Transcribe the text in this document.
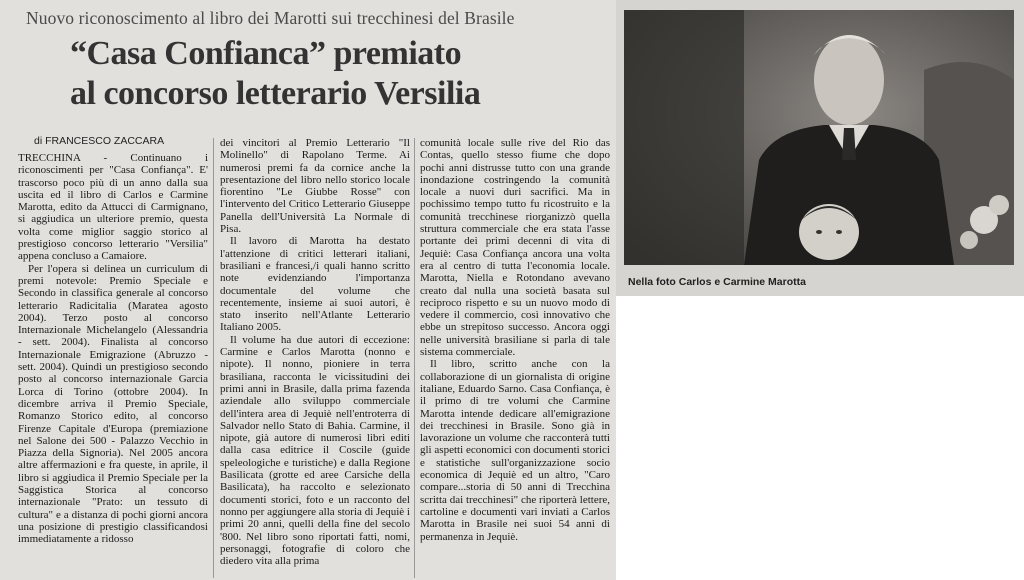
Nuovo riconoscimento al libro dei Marotti sui trecchinesi del Brasile
“Casa Confianca” premiato
al concorso letterario Versilia
di FRANCESCO ZACCARA

TRECCHINA - Continuano i riconoscimenti per "Casa Confiança". E' trascorso poco più di un anno dalla sua uscita ed il libro di Carlos e Carmine Marotta, edito da Attucci di Carmignano, si aggiudica un ulteriore premio, questa volta come miglior saggio storico al prestigioso concorso letterario "Versilia" appena concluso a Camaiore.

Per l'opera si delinea un curriculum di premi notevole: Premio Speciale e Secondo in classifica generale al concorso letterario Radicitalia (Maratea agosto 2004). Terzo posto al concorso Internazionale Michelangelo (Alessandria - sett. 2004). Finalista al concorso Internazionale Emigrazione (Abruzzo - sett. 2004). Quindi un prestigioso secondo posto al concorso internazionale Garcia Lorca di Torino (ottobre 2004). In dicembre arriva il Premio Speciale, Romanzo Storico edito, al concorso Firenze Capitale d'Europa (premiazione nel Salone dei 500 - Palazzo Vecchio in Piazza della Signoria). Nel 2005 ancora altre affermazioni e fra queste, in aprile, il libro si aggiudica il Premio Speciale per la Saggistica Storica al concorso internazionale "Prato: un tessuto di cultura" e a distanza di pochi giorni ancora una posizione di prestigio classificandosi immediatamente a ridosso

dei vincitori al Premio Letterario "Il Molinello" di Rapolano Terme. Ai numerosi premi fa da cornice anche la presentazione del libro nello storico locale fiorentino "Le Giubbe Rosse" con l'intervento del Critico Letterario Giuseppe Panella dell'Università La Normale di Pisa.

Il lavoro di Marotta ha destato l'attenzione di critici letterari italiani, brasiliani e francesi,/i quali hanno scritto note evidenziando l'importanza documentale del volume che recentemente, insieme ai suoi autori, è stato inserito nell'Atlante Letterario Italiano 2005.

Il volume ha due autori di eccezione: Carmine e Carlos Marotta (nonno e nipote). Il nonno, pioniere in terra brasiliana, racconta le vicissitudini dei primi anni in Brasile, dalla prima fazenda aziendale allo sviluppo commerciale dell'intera area di Jequiè nell'entroterra di Salvador nello Stato di Bahia. Carmine, il nipote, già autore di numerosi libri editi dalla casa editrice il Coscile (guide speleologiche e turistiche) e dalla Regione Basilicata (grotte ed aree Carsiche della Basilicata), ha raccolto e selezionato documenti storici, foto e un racconto del nonno per aggiungere alla storia di Jequiè i primi 20 anni, quelli della fine del secolo '800. Nel libro sono riportati fatti, nomi, personaggi, fotografie di coloro che diedero vita alla prima

comunità locale sulle rive del Rio das Contas, quello stesso fiume che dopo pochi anni distrusse tutto con una grande inondazione costringendo la comunità locale a nuovi duri sacrifici. Ma in pochissimo tempo tutto fu ricostruito e la comunità trecchinese riorganizzò quella struttura commerciale che era stata l'asse portante dei primi decenni di vita di Jequiè: Casa Confiança ancora una volta era al centro di tutta l'economia locale. Marotta, Niella e Rotondano avevano creato dal nulla una società basata sul reciproco rispetto e su un nuovo modo di vedere il commercio, così innovativo che ebbe un strepitoso successo. Ancora oggi nelle università brasiliane si parla di tale sistema commerciale.

Il libro, scritto anche con la collaborazione di un giornalista di origine italiane, Eduardo Sarno. Casa Confiança, è il primo di tre volumi che Carmine Marotta intende dedicare all'emigrazione dei trecchinesi in Brasile. Sono già in lavorazione un volume che racconterà tutti gli aspetti economici con documenti storici e statistiche sull'organizzazione socio economica di Jequiè ed un altro, "Caro compare...storia di 50 anni di Trecchina scritta dai trecchinesi" che riporterà lettere, cartoline e documenti vari inviati a Carlos Marotta in Brasile nei suoi 54 anni di permanenza in Jequiè.

Nella foto Carlos e Carmine Marotta
